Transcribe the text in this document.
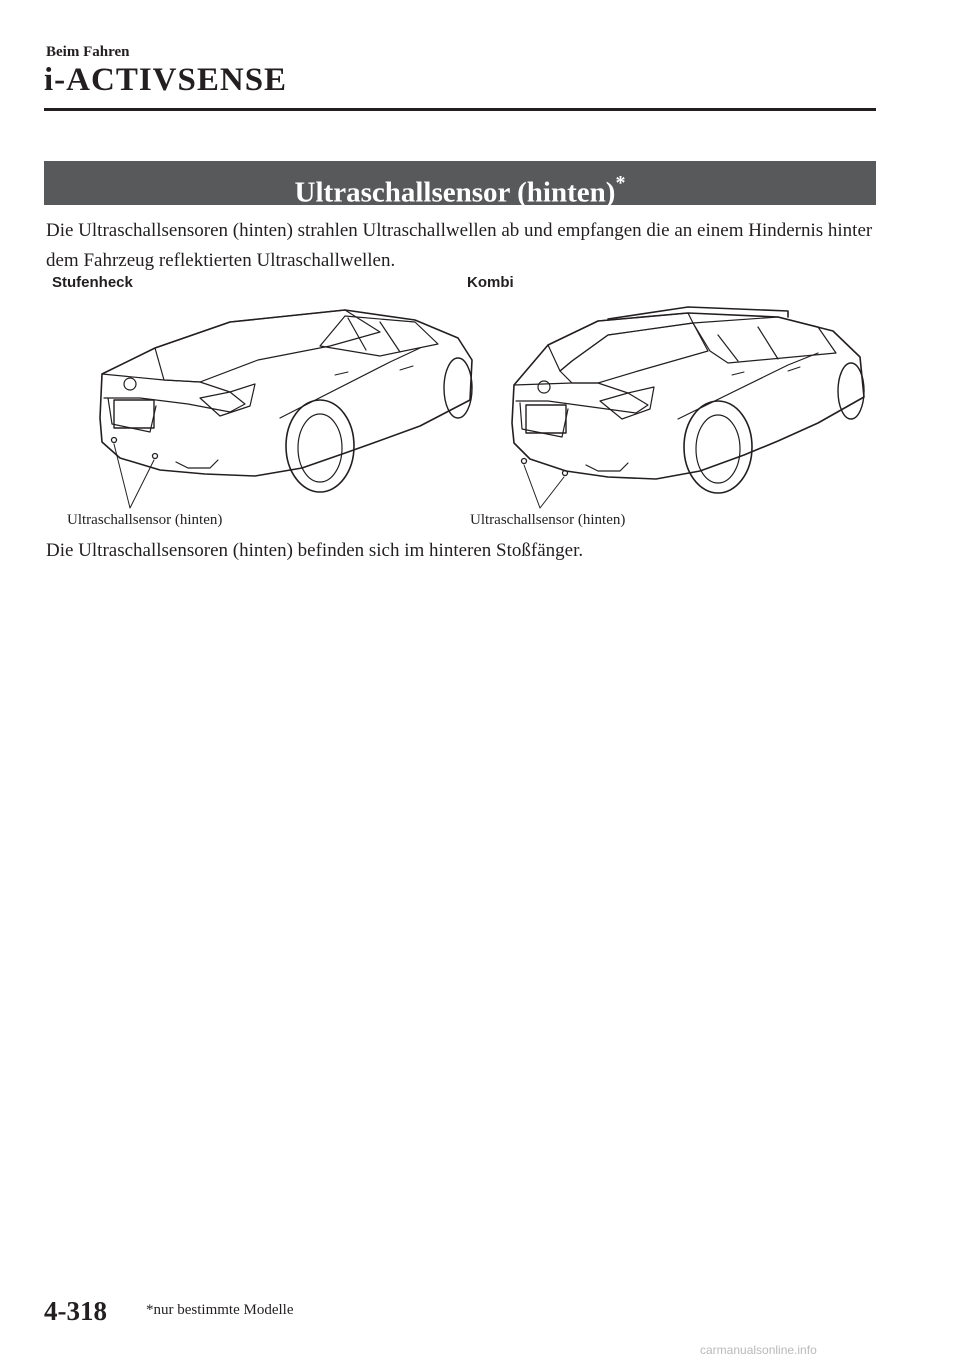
Beim Fahren
i-ACTIVSENSE
Ultraschallsensor (hinten)*
Die Ultraschallsensoren (hinten) strahlen Ultraschallwellen ab und empfangen die an einem Hindernis hinter dem Fahrzeug reflektierten Ultraschallwellen.
Stufenheck	Kombi
Ultraschallsensor (hinten)	Ultraschallsensor (hinten)
Die Ultraschallsensoren (hinten) befinden sich im hinteren Stoßfänger.
4-318	*nur bestimmte Modelle
carmanualsonline.info
